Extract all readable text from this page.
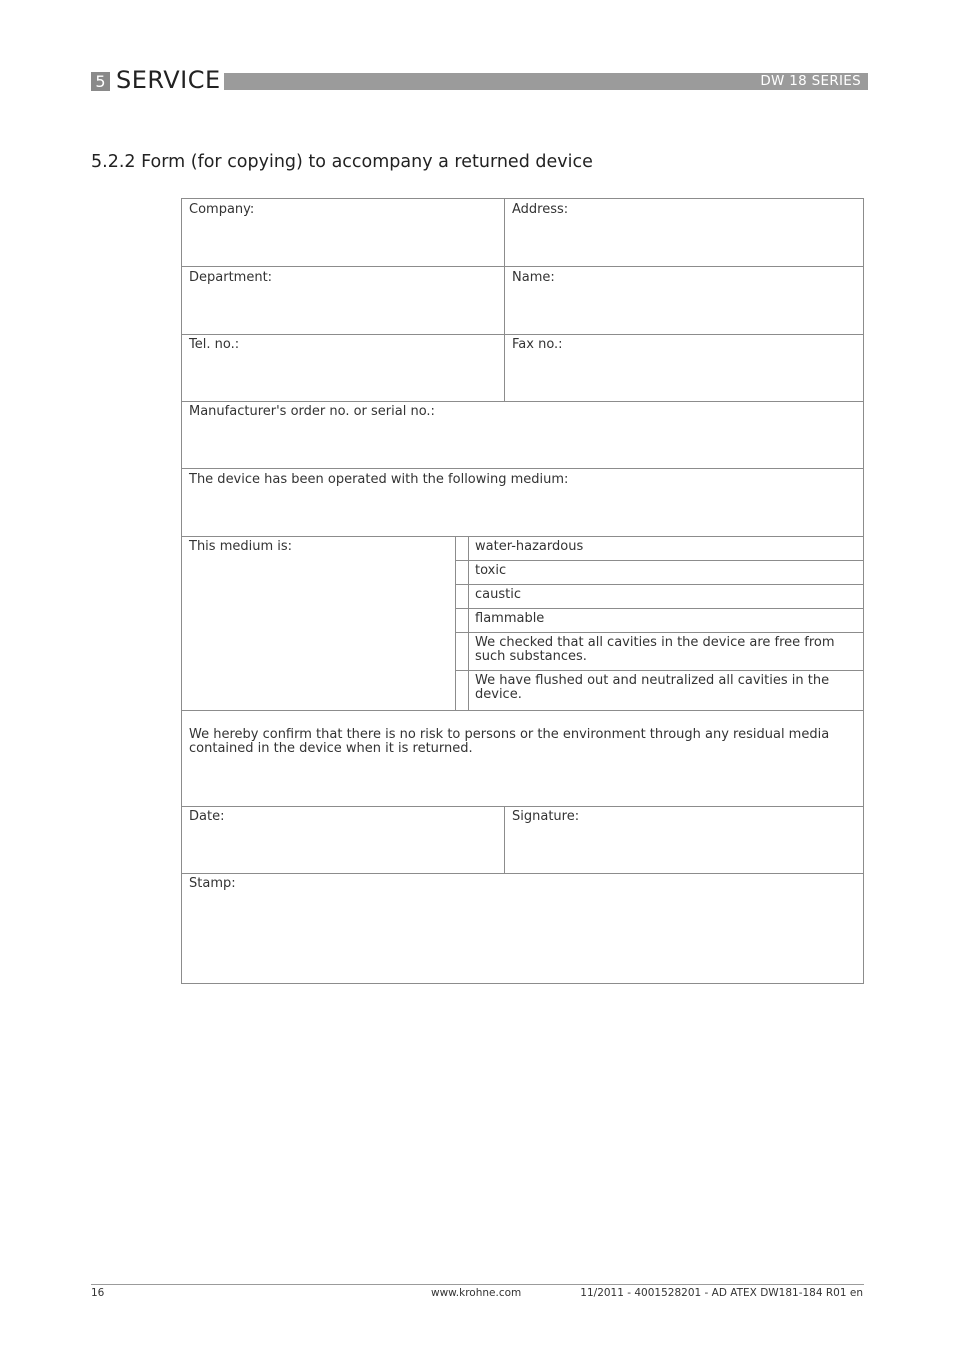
5 SERVICE	DW 18 SERIES
5.2.2 Form (for copying) to accompany a returned device
Company:	Address:
Department:	Name:
Tel. no.:	Fax no.:
Manufacturer's order no. or serial no.:
The device has been operated with the following medium:
This medium is:	water-hazardous
toxic
caustic
flammable
We checked that all cavities in the device are free from such substances.
We have flushed out and neutralized all cavities in the device.
We hereby confirm that there is no risk to persons or the environment through any residual media contained in the device when it is returned.
Date:	Signature:
Stamp:
16	www.krohne.com	11/2011 - 4001528201 - AD ATEX DW181-184 R01 en
